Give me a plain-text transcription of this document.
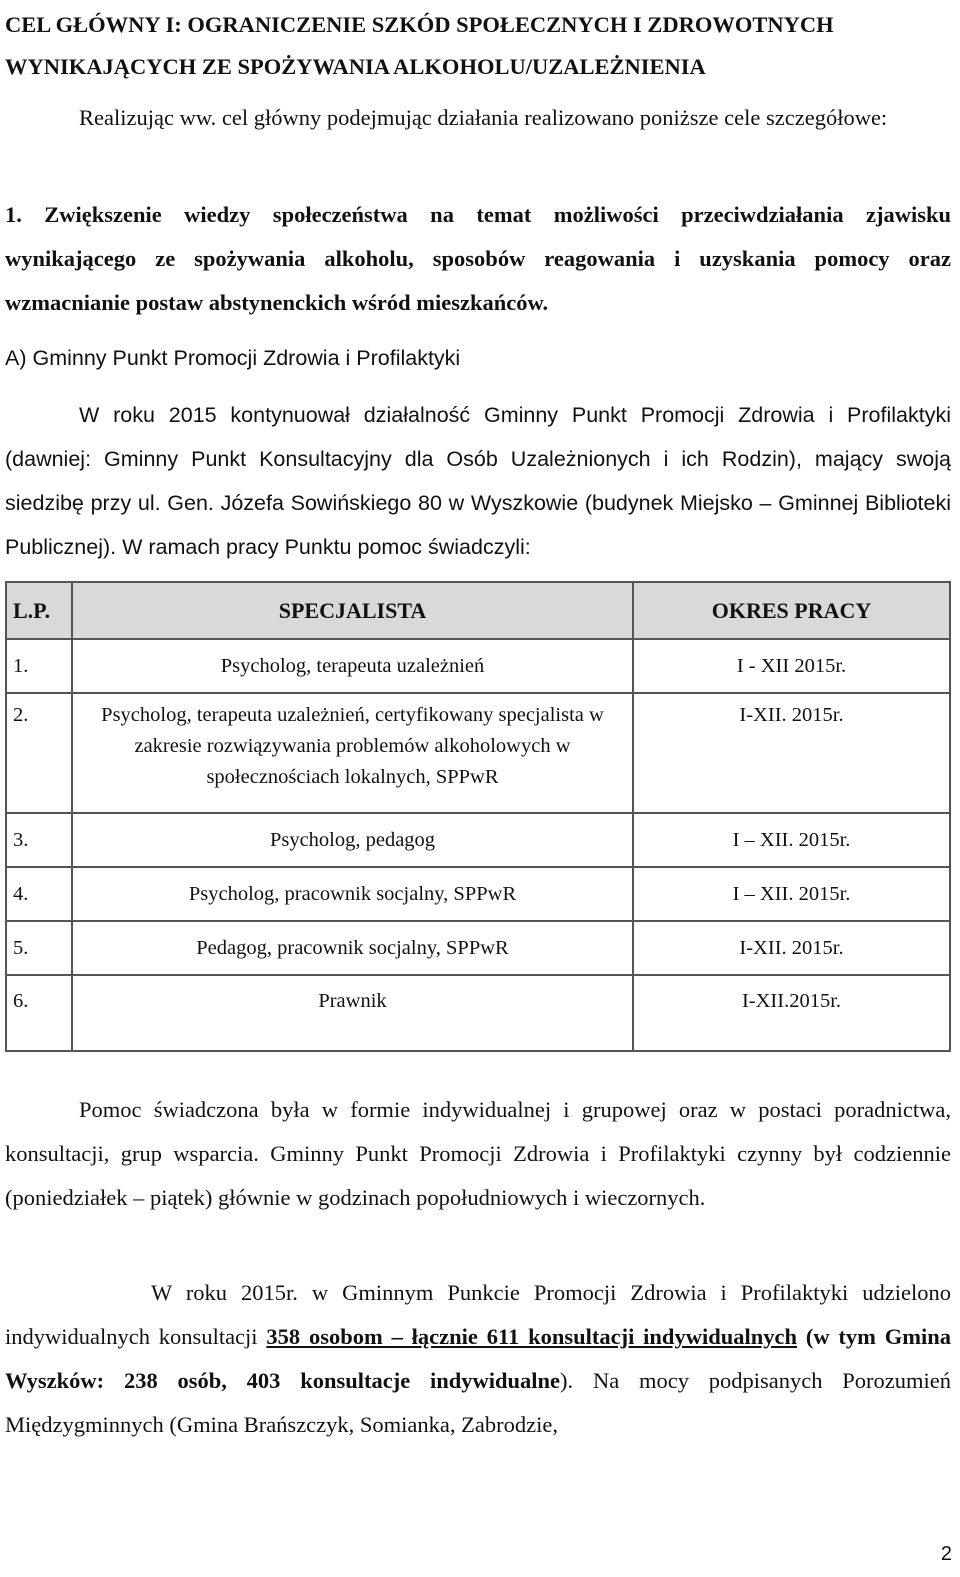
CEL GŁÓWNY I: OGRANICZENIE SZKÓD SPOŁECZNYCH I ZDROWOTNYCH
WYNIKAJĄCYCH ZE SPOŻYWANIA ALKOHOLU/UZALEŻNIENIA
Realizując ww. cel główny podejmując działania realizowano poniższe cele szczegółowe:
1. Zwiększenie wiedzy społeczeństwa na temat możliwości przeciwdziałania zjawisku wynikającego ze spożywania alkoholu, sposobów reagowania i uzyskania pomocy oraz wzmacnianie postaw abstynenckich wśród mieszkańców.
A) Gminny Punkt Promocji Zdrowia i Profilaktyki
W roku 2015 kontynuował działalność Gminny Punkt Promocji Zdrowia i Profilaktyki (dawniej: Gminny Punkt Konsultacyjny dla Osób Uzależnionych i ich Rodzin), mający swoją siedzibę przy ul. Gen. Józefa Sowińskiego 80 w Wyszkowie (budynek Miejsko – Gminnej Biblioteki Publicznej). W ramach pracy Punktu pomoc świadczyli:
L.P.	SPECJALISTA	OKRES PRACY
1.	Psycholog, terapeuta uzależnień	I - XII 2015r.
2.	Psycholog, terapeuta uzależnień, certyfikowany specjalista w zakresie rozwiązywania problemów alkoholowych w społecznościach lokalnych, SPPwR	I-XII. 2015r.
3.	Psycholog, pedagog	I – XII. 2015r.
4.	Psycholog, pracownik socjalny, SPPwR	I – XII. 2015r.
5.	Pedagog, pracownik socjalny, SPPwR	I-XII. 2015r.
6.	Prawnik	I-XII.2015r.
Pomoc świadczona była w formie indywidualnej i grupowej oraz w postaci poradnictwa, konsultacji, grup wsparcia. Gminny Punkt Promocji Zdrowia i Profilaktyki czynny był codziennie (poniedziałek – piątek) głównie w godzinach popołudniowych i wieczornych.
W roku 2015r. w Gminnym Punkcie Promocji Zdrowia i Profilaktyki udzielono indywidualnych konsultacji 358 osobom – łącznie 611 konsultacji indywidualnych (w tym Gmina Wyszków: 238 osób, 403 konsultacje indywidualne). Na mocy podpisanych Porozumień Międzygminnych (Gmina Brańszczyk, Somianka, Zabrodzie,
2
